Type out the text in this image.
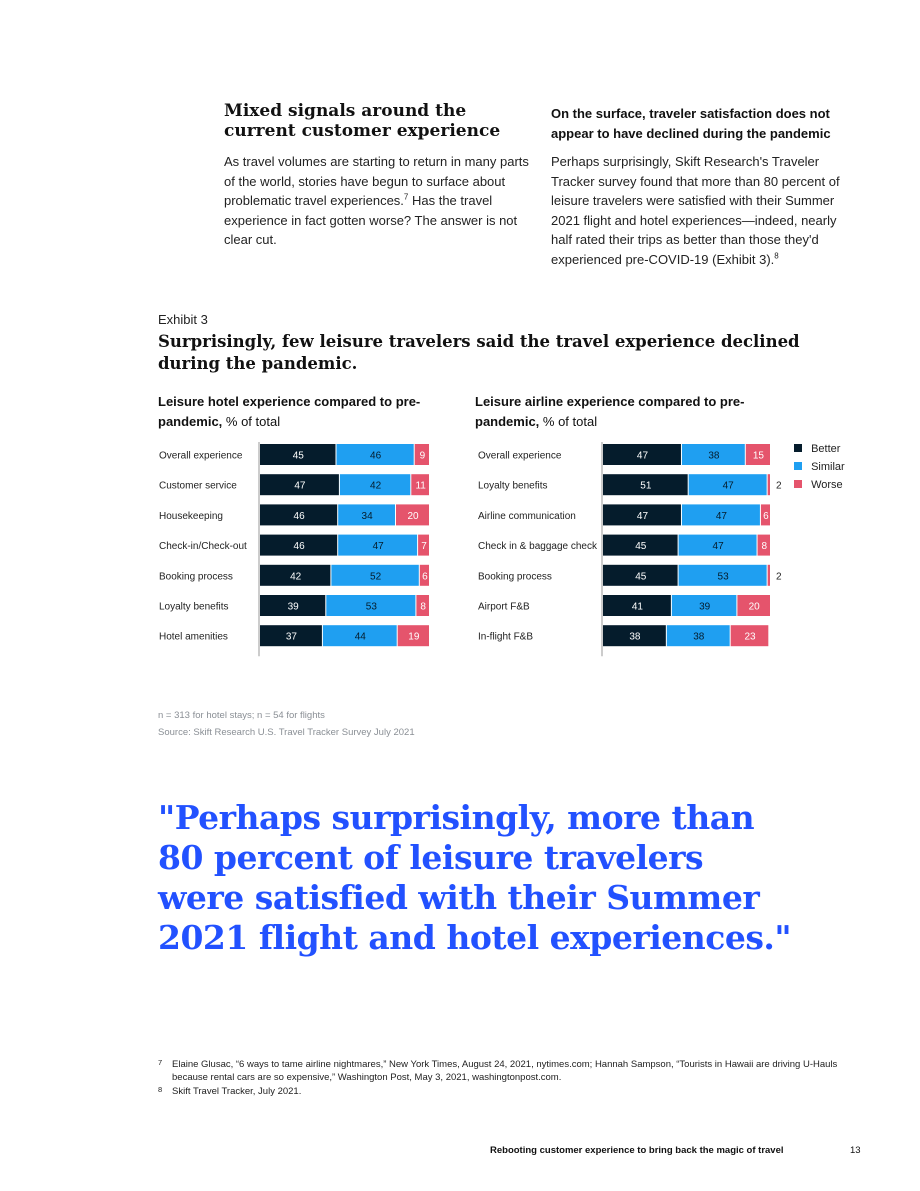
Mixed signals around the current customer experience
As travel volumes are starting to return in many parts of the world, stories have begun to surface about problematic travel experiences.$^7$ Has the travel experience in fact gotten worse? The answer is not clear cut.
On the surface, traveler satisfaction does not appear to have declined during the pandemic
Perhaps surprisingly, Skift Research's Traveler Tracker survey found that more than 80 percent of leisure travelers were satisfied with their Summer 2021 flight and hotel experiences—indeed, nearly half rated their trips as better than those they'd experienced pre-COVID-19 (Exhibit 3).$^8$
Exhibit 3
Surprisingly, few leisure travelers said the travel experience declined during the pandemic.
Leisure hotel experience compared to pre-pandemic, % of total
Leisure airline experience compared to pre-pandemic, % of total
Overall experience	45	46	9
Customer service	47	42	11
Housekeeping	46	34	20
Check-in/Check-out	46	47	7
Booking process	42	52	6
Loyalty benefits	39	53	8
Hotel amenities	37	44	19
Overall experience	47	38	15
Loyalty benefits	51	47	2
Airline communication	47	47	6
Check in & baggage check	45	47	8
Booking process	45	53	2
Airport F&B	41	39	20
In-flight F&B	38	38	23
Better
Similar
Worse
n = 313 for hotel stays; n = 54 for flights
Source: Skift Research U.S. Travel Tracker Survey July 2021
"Perhaps surprisingly, more than 80 percent of leisure travelers were satisfied with their Summer 2021 flight and hotel experiences."
7 Elaine Glusac, “6 ways to tame airline nightmares,” New York Times, August 24, 2021, nytimes.com; Hannah Sampson, “Tourists in Hawaii are driving U-Hauls because rental cars are so expensive,” Washington Post, May 3, 2021, washingtonpost.com.
8 Skift Travel Tracker, July 2021.
Rebooting customer experience to bring back the magic of travel	13
